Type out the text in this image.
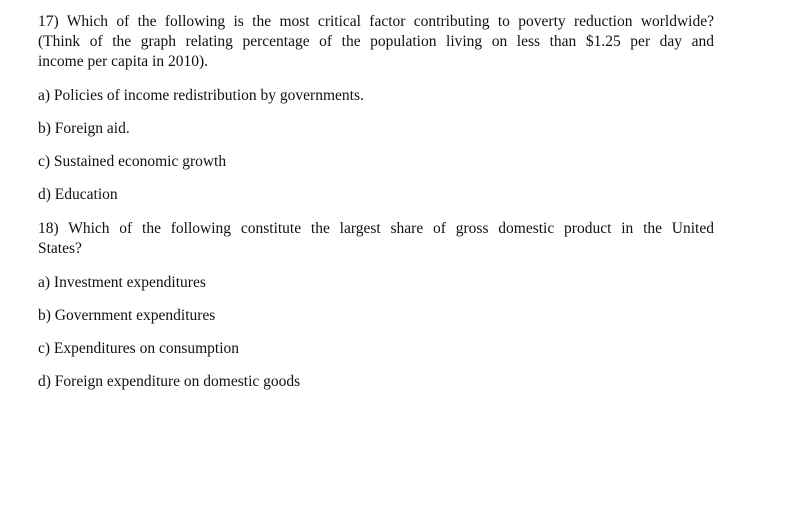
17) Which of the following is the most critical factor contributing to poverty reduction worldwide?
(Think of the graph relating percentage of the population living on less than $1.25 per day and
income per capita in 2010).

a) Policies of income redistribution by governments.

b) Foreign aid.

c) Sustained economic growth

d) Education

18) Which of the following constitute the largest share of gross domestic product in the United
States?

a) Investment expenditures

b) Government expenditures

c) Expenditures on consumption

d) Foreign expenditure on domestic goods
